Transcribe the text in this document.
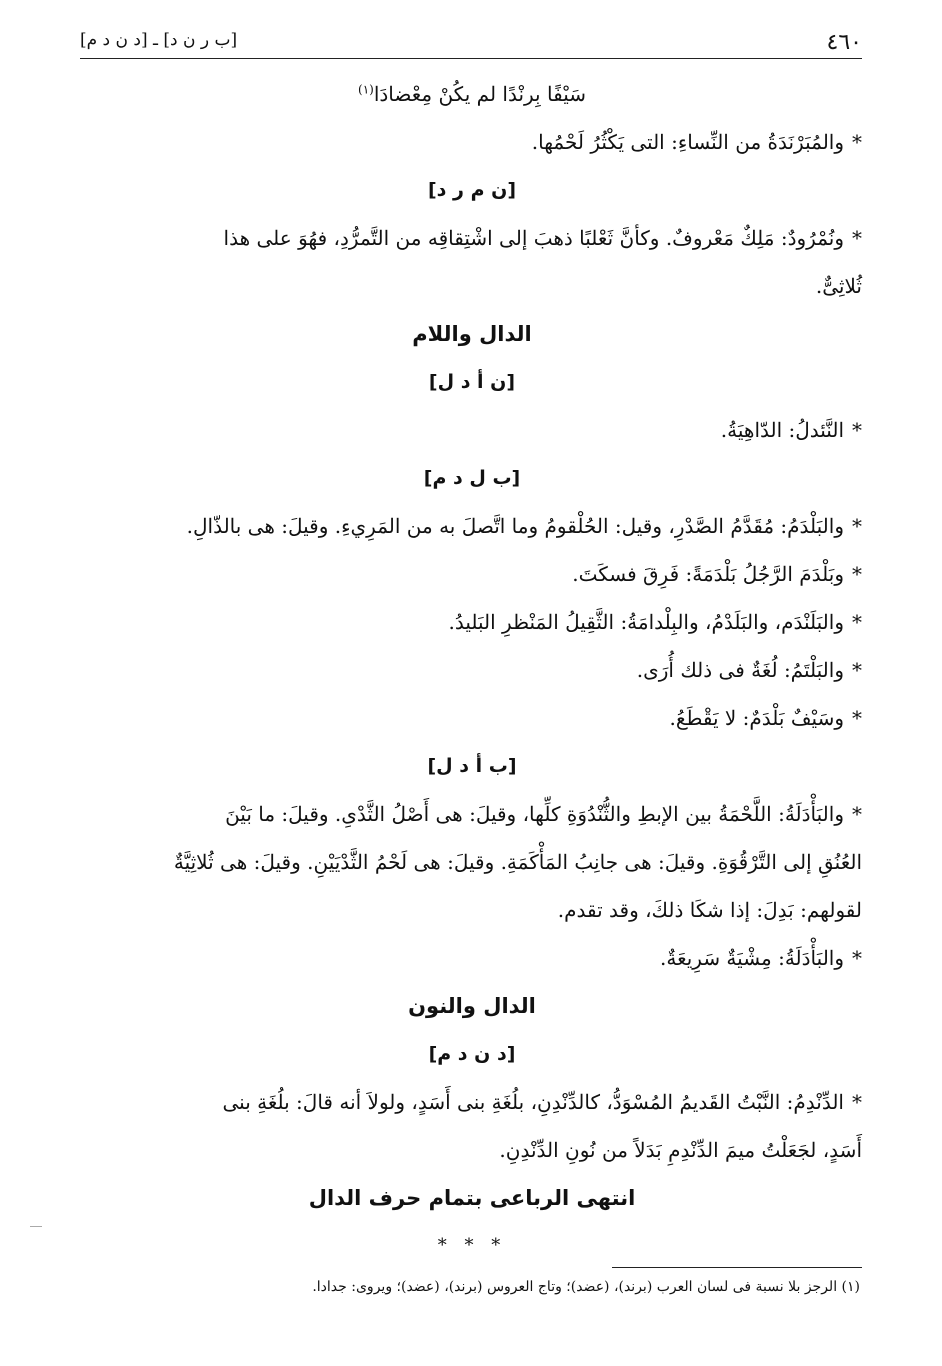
٤٦٠
[ب ر ن د] ـ [د ن د م]
سَيْفًا بِرنْدًا لم يكُنْ مِعْضادَا$^{(١)}$
*والمُبَرْنَدَةُ من النِّساءِ: التى يَكْثُرُ لَحْمُها.
[ن م ر د]
*ونُمْرُودٌ: مَلِكٌ مَعْروفٌ. وكأنَّ ثَعْلبًا ذهبَ إلى اشْتِقاقِه من التَّمرُّدِ، فهُوَ على هذا
ثُلاثِىٌّ.
الدال واللام
[ن أ د ل]
*النَّئدلُ: الدّاهِيَةُ.
[ب ل د م]
*والبَلْدَمُ: مُقَدَّمُ الصَّدْرِ، وقيل: الحُلْقومُ وما اتَّصلَ به من المَرِيءِ. وقيلَ: هى بالذّالِ.
*وبَلْدَمَ الرَّجُلُ بَلْدَمَةً: فَرِقَ فسكَتَ.
*والبَلَنْدَم، والبَلَدْمُ، والبِلْدامَةُ: الثَّقِيلُ المَنْظرِ البَليدُ.
*والبَلْتَمُ: لُغَةٌ فى ذلك أُرَى.
*وسَيْفٌ بَلْدَمٌ: لا يَقْطَعُ.
[ب أ د ل]
*والبَأْدَلَةُ: اللَّحْمَةُ بين الإبطِ والثُّنْدُوَةِ كلِّها، وقيلَ: هى أَصْلُ الثَّدْىِ. وقيلَ: ما بَيْنَ
العُنُقِ إلى التَّرْقُوَةِ. وقيلَ: هى جانِبُ المَأْكَمَةِ. وقيلَ: هى لَحْمُ الثَّدْيَيْنِ. وقيلَ: هى ثُلاثِيَّةٌ
لقولهم: بَدِلَ: إذا شكَا ذلكَ، وقد تقدم.
*والبَأْدَلَةُ: مِشْيَةٌ سَرِيعَةٌ.
الدال والنون
[د ن د م]
*الدِّنْدِمُ: النَّبْتُ القَديمُ المُسْوَدُّ، كالدِّنْدِنِ، بلُغَةِ بنى أَسَدٍ، ولولاَ أنه قالَ: بلُغَةِ بنى
أَسَدٍ، لجَعَلْتُ ميمَ الدِّنْدِمِ بَدَلاً من نُونِ الدِّنْدِنِ.
انتهى الرباعى بتمام حرف الدال
* * *
(١) الرجز بلا نسبة فى لسان العرب (برند)، (عضد)؛ وتاج العروس (برند)، (عضد)؛ ويروى: جدادا.
